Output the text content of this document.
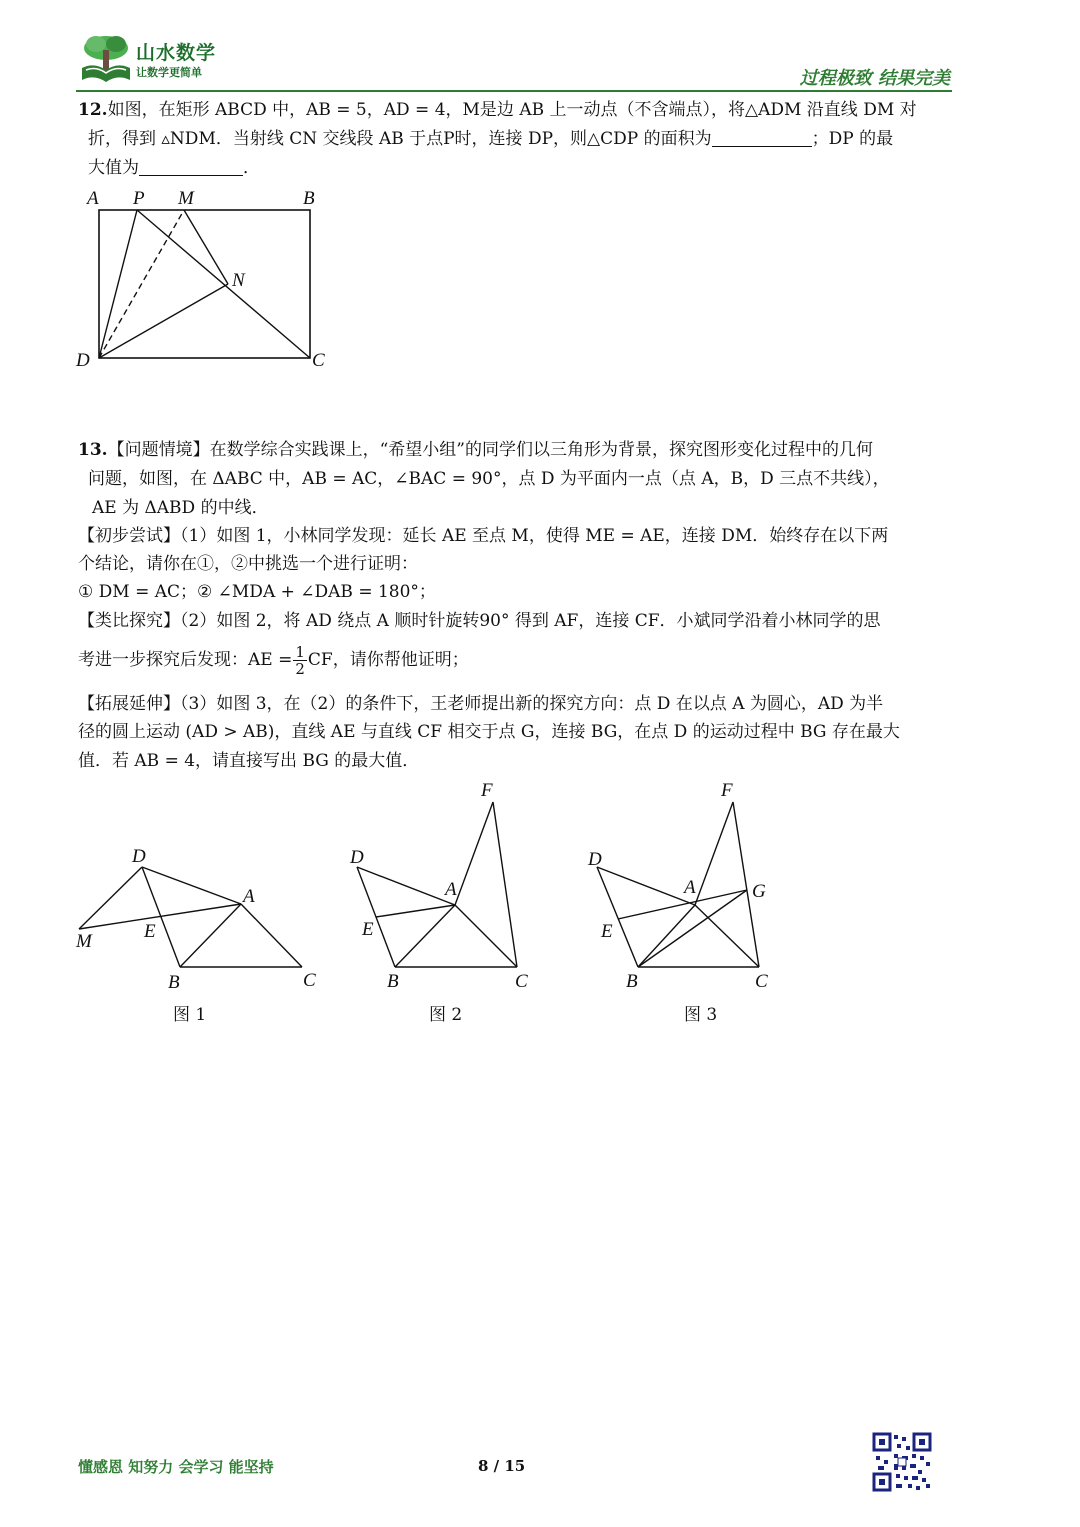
山水数学
让数学更简单	过程极致 结果完美
12.如图，在矩形 ABCD 中，AB = 5，AD = 4，M是边 AB 上一动点（不含端点），将△ADM 沿直线 DM 对
折，得到 ▵NDM．当射线 CN 交线段 AB 于点P时，连接 DP，则△CDP 的面积为	；DP 的最
大值为	．
A P M	B
N
D	C
13.【问题情境】在数学综合实践课上，“希望小组”的同学们以三角形为背景，探究图形变化过程中的几何
问题，如图，在 ΔABC 中，AB = AC，∠BAC = 90°，点 D 为平面内一点（点 A，B，D 三点不共线），
AE 为 ΔABD 的中线．
【初步尝试】（1）如图 1，小林同学发现：延长 AE 至点 M，使得 ME = AE，连接 DM．始终存在以下两
个结论，请你在①，②中挑选一个进行证明：
① DM = AC；② ∠MDA + ∠DAB = 180°；
【类比探究】（2）如图 2，将 AD 绕点 A 顺时针旋转90° 得到 AF，连接 CF．小斌同学沿着小林同学的思
考进一步探究后发现：AE = $\frac{1}{2}$ CF，请你帮他证明；
【拓展延伸】（3）如图 3，在（2）的条件下，王老师提出新的探究方向：点 D 在以点 A 为圆心，AD 为半
径的圆上运动 (AD > AB)，直线 AE 与直线 CF 相交于点 G，连接 BG，在点 D 的运动过程中 BG 存在最大
值．若 AB = 4，请直接写出 BG 的最大值．
D
A
M	E
B	C
图 1
F
D
A
E
B	C
图 2
F
D
A	G
E
B	C
图 3
懂感恩 知努力 会学习 能坚持	8 / 15
